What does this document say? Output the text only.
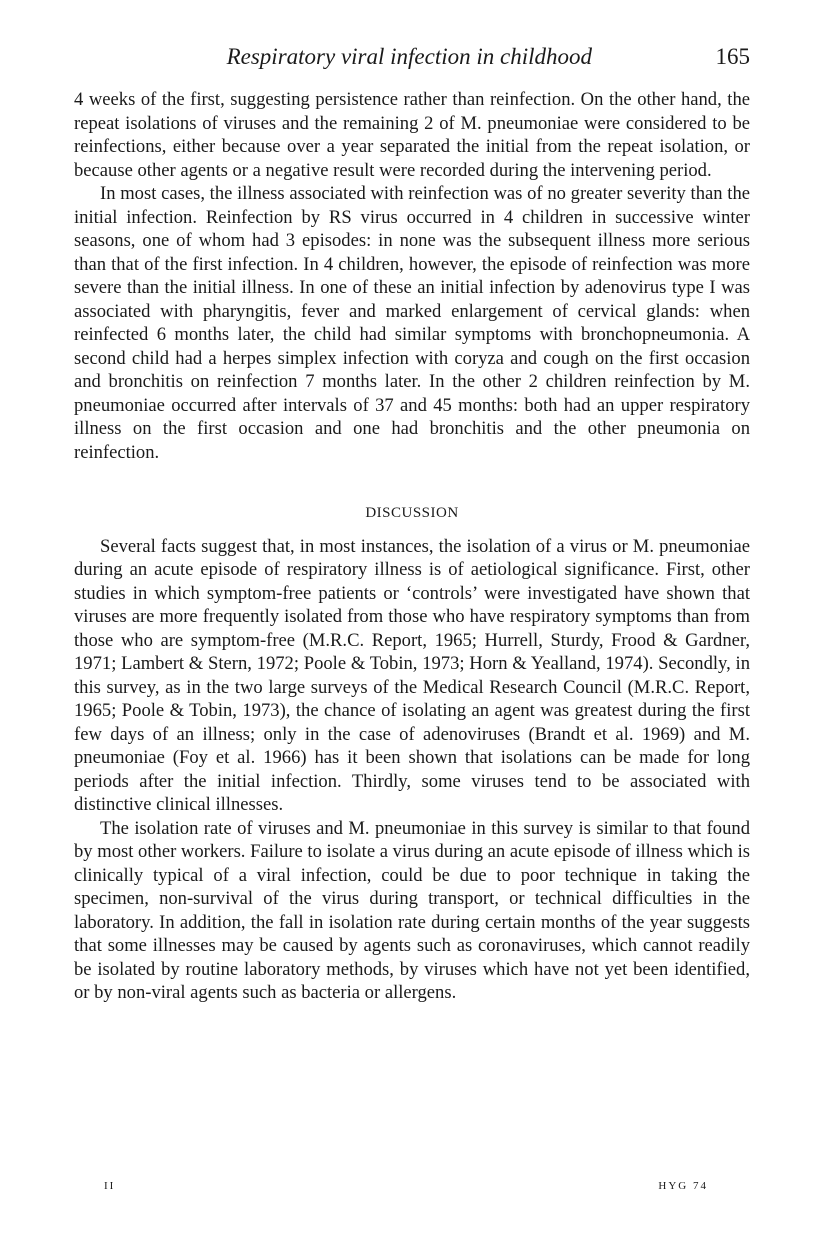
Respiratory viral infection in childhood	165

4 weeks of the first, suggesting persistence rather than reinfection. On the other hand, the repeat isolations of viruses and the remaining 2 of M. pneumoniae were considered to be reinfections, either because over a year separated the initial from the repeat isolation, or because other agents or a negative result were recorded during the intervening period.

In most cases, the illness associated with reinfection was of no greater severity than the initial infection. Reinfection by RS virus occurred in 4 children in successive winter seasons, one of whom had 3 episodes: in none was the subsequent illness more serious than that of the first infection. In 4 children, however, the episode of reinfection was more severe than the initial illness. In one of these an initial infection by adenovirus type I was associated with pharyngitis, fever and marked enlargement of cervical glands: when reinfected 6 months later, the child had similar symptoms with bronchopneumonia. A second child had a herpes simplex infection with coryza and cough on the first occasion and bronchitis on reinfection 7 months later. In the other 2 children reinfection by M. pneumoniae occurred after intervals of 37 and 45 months: both had an upper respiratory illness on the first occasion and one had bronchitis and the other pneumonia on reinfection.

DISCUSSION

Several facts suggest that, in most instances, the isolation of a virus or M. pneumoniae during an acute episode of respiratory illness is of aetiological significance. First, other studies in which symptom-free patients or ‘controls’ were investigated have shown that viruses are more frequently isolated from those who have respiratory symptoms than from those who are symptom-free (M.R.C. Report, 1965; Hurrell, Sturdy, Frood & Gardner, 1971; Lambert & Stern, 1972; Poole & Tobin, 1973; Horn & Yealland, 1974). Secondly, in this survey, as in the two large surveys of the Medical Research Council (M.R.C. Report, 1965; Poole & Tobin, 1973), the chance of isolating an agent was greatest during the first few days of an illness; only in the case of adenoviruses (Brandt et al. 1969) and M. pneumoniae (Foy et al. 1966) has it been shown that isolations can be made for long periods after the initial infection. Thirdly, some viruses tend to be associated with distinctive clinical illnesses.

The isolation rate of viruses and M. pneumoniae in this survey is similar to that found by most other workers. Failure to isolate a virus during an acute episode of illness which is clinically typical of a viral infection, could be due to poor technique in taking the specimen, non-survival of the virus during transport, or technical difficulties in the laboratory. In addition, the fall in isolation rate during certain months of the year suggests that some illnesses may be caused by agents such as coronaviruses, which cannot readily be isolated by routine laboratory methods, by viruses which have not yet been identified, or by non-viral agents such as bacteria or allergens.

II	HYG 74
